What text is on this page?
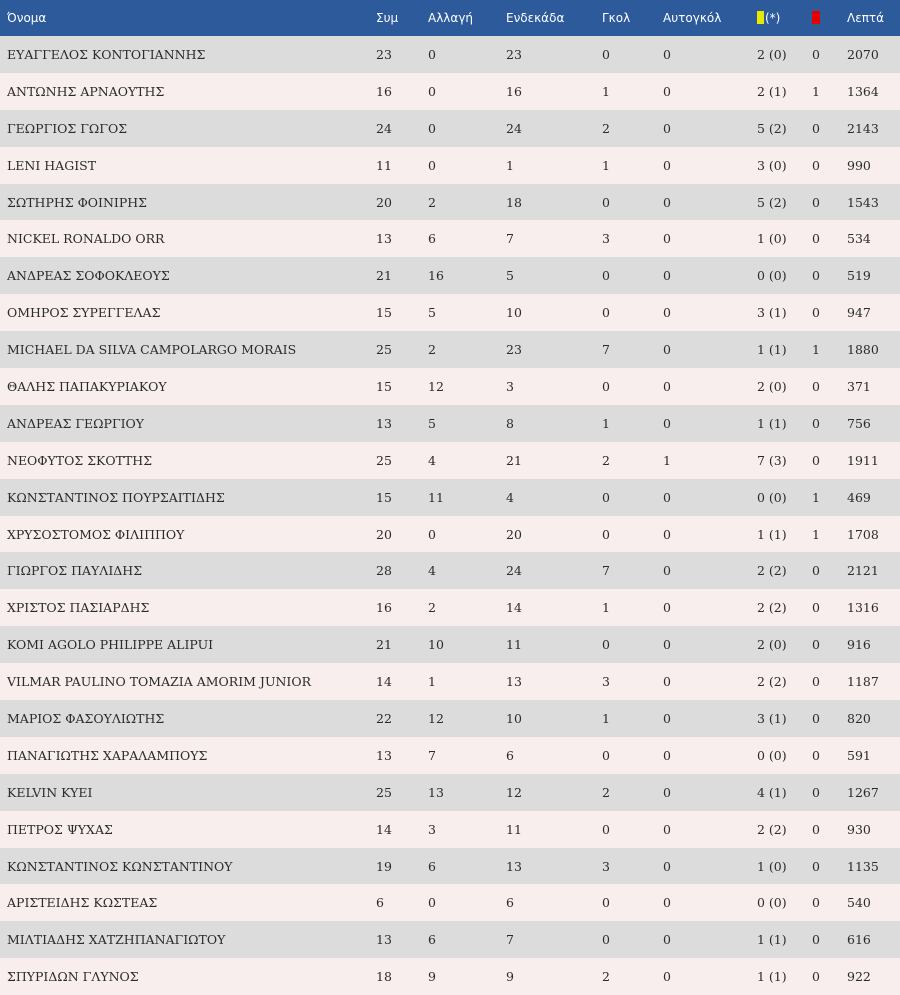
Όνομα	Συμ	Αλλαγή	Ενδεκάδα	Γκολ	Αυτογκόλ	(*)		Λεπτά
ΕΥΑΓΓΕΛΟΣ ΚΟΝΤΟΓΙΑΝΝΗΣ	23	0	23	0	0	2 (0)	0	2070
ΑΝΤΩΝΗΣ ΑΡΝΑΟΥΤΗΣ	16	0	16	1	0	2 (1)	1	1364
ΓΕΩΡΓΙΟΣ ΓΩΓΟΣ	24	0	24	2	0	5 (2)	0	2143
LENI HAGIST	11	0	1	1	0	3 (0)	0	990
ΣΩΤΗΡΗΣ ΦΟΙΝΙΡΗΣ	20	2	18	0	0	5 (2)	0	1543
NICKEL RONALDO ORR	13	6	7	3	0	1 (0)	0	534
ΑΝΔΡΕΑΣ ΣΟΦΟΚΛΕΟΥΣ	21	16	5	0	0	0 (0)	0	519
ΟΜΗΡΟΣ ΣΥΡΕΓΓΕΛΑΣ	15	5	10	0	0	3 (1)	0	947
MICHAEL DA SILVA CAMPOLARGO MORAIS	25	2	23	7	0	1 (1)	1	1880
ΘΑΛΗΣ ΠΑΠΑΚΥΡΙΑΚΟΥ	15	12	3	0	0	2 (0)	0	371
ΑΝΔΡΕΑΣ ΓΕΩΡΓΙΟΥ	13	5	8	1	0	1 (1)	0	756
ΝΕΟΦΥΤΟΣ ΣΚΟΤΤΗΣ	25	4	21	2	1	7 (3)	0	1911
ΚΩΝΣΤΑΝΤΙΝΟΣ ΠΟΥΡΣΑΙΤΙΔΗΣ	15	11	4	0	0	0 (0)	1	469
ΧΡΥΣΟΣΤΟΜΟΣ ΦΙΛΙΠΠΟΥ	20	0	20	0	0	1 (1)	1	1708
ΓΙΩΡΓΟΣ ΠΑΥΛΙΔΗΣ	28	4	24	7	0	2 (2)	0	2121
ΧΡΙΣΤΟΣ ΠΑΣΙΑΡΔΗΣ	16	2	14	1	0	2 (2)	0	1316
KOMI AGOLO PHILIPPE ALIPUI	21	10	11	0	0	2 (0)	0	916
VILMAR PAULINO TOMAZIA AMORIM JUNIOR	14	1	13	3	0	2 (2)	0	1187
ΜΑΡΙΟΣ ΦΑΣΟΥΛΙΩΤΗΣ	22	12	10	1	0	3 (1)	0	820
ΠΑΝΑΓΙΩΤΗΣ ΧΑΡΑΛΑΜΠΟΥΣ	13	7	6	0	0	0 (0)	0	591
KELVIN KYEI	25	13	12	2	0	4 (1)	0	1267
ΠΕΤΡΟΣ ΨΥΧΑΣ	14	3	11	0	0	2 (2)	0	930
ΚΩΝΣΤΑΝΤΙΝΟΣ ΚΩΝΣΤΑΝΤΙΝΟΥ	19	6	13	3	0	1 (0)	0	1135
ΑΡΙΣΤΕΙΔΗΣ ΚΩΣΤΕΑΣ	6	0	6	0	0	0 (0)	0	540
ΜΙΛΤΙΑΔΗΣ ΧΑΤΖΗΠΑΝΑΓΙΩΤΟΥ	13	6	7	0	0	1 (1)	0	616
ΣΠΥΡΙΔΩΝ ΓΛΥΝΟΣ	18	9	9	2	0	1 (1)	0	922
